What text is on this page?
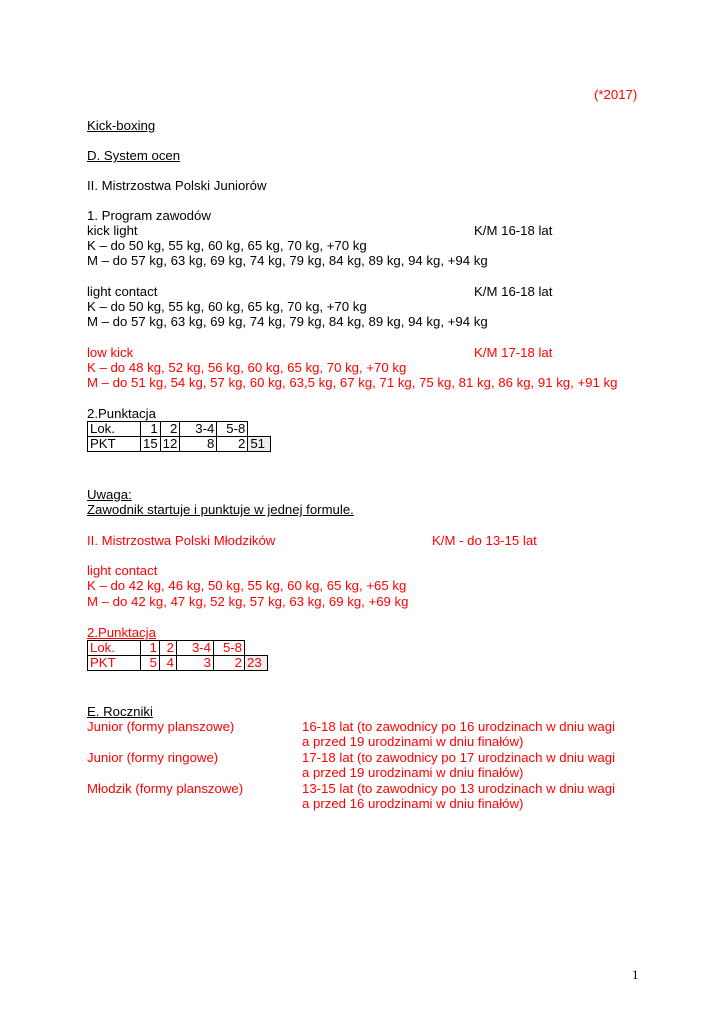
(*2017)
Kick-boxing
D. System ocen
II. Mistrzostwa Polski Juniorów
1. Program zawodów
kick light	K/M 16-18 lat
K – do 50 kg, 55 kg, 60 kg, 65 kg, 70 kg, +70 kg
M – do 57 kg, 63 kg, 69 kg, 74 kg, 79 kg, 84 kg, 89 kg, 94 kg, +94 kg
light contact	K/M 16-18 lat
K – do 50 kg, 55 kg, 60 kg, 65 kg, 70 kg, +70 kg
M – do 57 kg, 63 kg, 69 kg, 74 kg, 79 kg, 84 kg, 89 kg, 94 kg, +94 kg
low kick	K/M 17-18 lat
K – do 48 kg, 52 kg, 56 kg, 60 kg, 65 kg, 70 kg, +70 kg
M – do 51 kg, 54 kg, 57 kg, 60 kg, 63,5 kg, 67 kg, 71 kg, 75 kg, 81 kg, 86 kg, 91 kg, +91 kg
2.Punktacja
Lok.	1	2	3-4	5-8	
PKT	15	12	8	2	51
Uwaga:
Zawodnik startuje i punktuje w jednej formule.
II. Mistrzostwa Polski Młodzików	K/M - do 13-15 lat
light contact
K – do 42 kg, 46 kg, 50 kg, 55 kg, 60 kg, 65 kg, +65 kg
M – do 42 kg, 47 kg, 52 kg, 57 kg, 63 kg, 69 kg, +69 kg
2.Punktacja
Lok.	1	2	3-4	5-8	
PKT	5	4	3	2	23
E. Roczniki
Junior (formy planszowe)	16-18 lat (to zawodnicy po 16 urodzinach w dniu wagi
a przed 19 urodzinami w dniu finałów)
Junior (formy ringowe)	17-18 lat (to zawodnicy po 17 urodzinach w dniu wagi
a przed 19 urodzinami w dniu finałów)
Młodzik (formy planszowe)	13-15 lat (to zawodnicy po 13 urodzinach w dniu wagi
a przed 16 urodzinami w dniu finałów)
1
